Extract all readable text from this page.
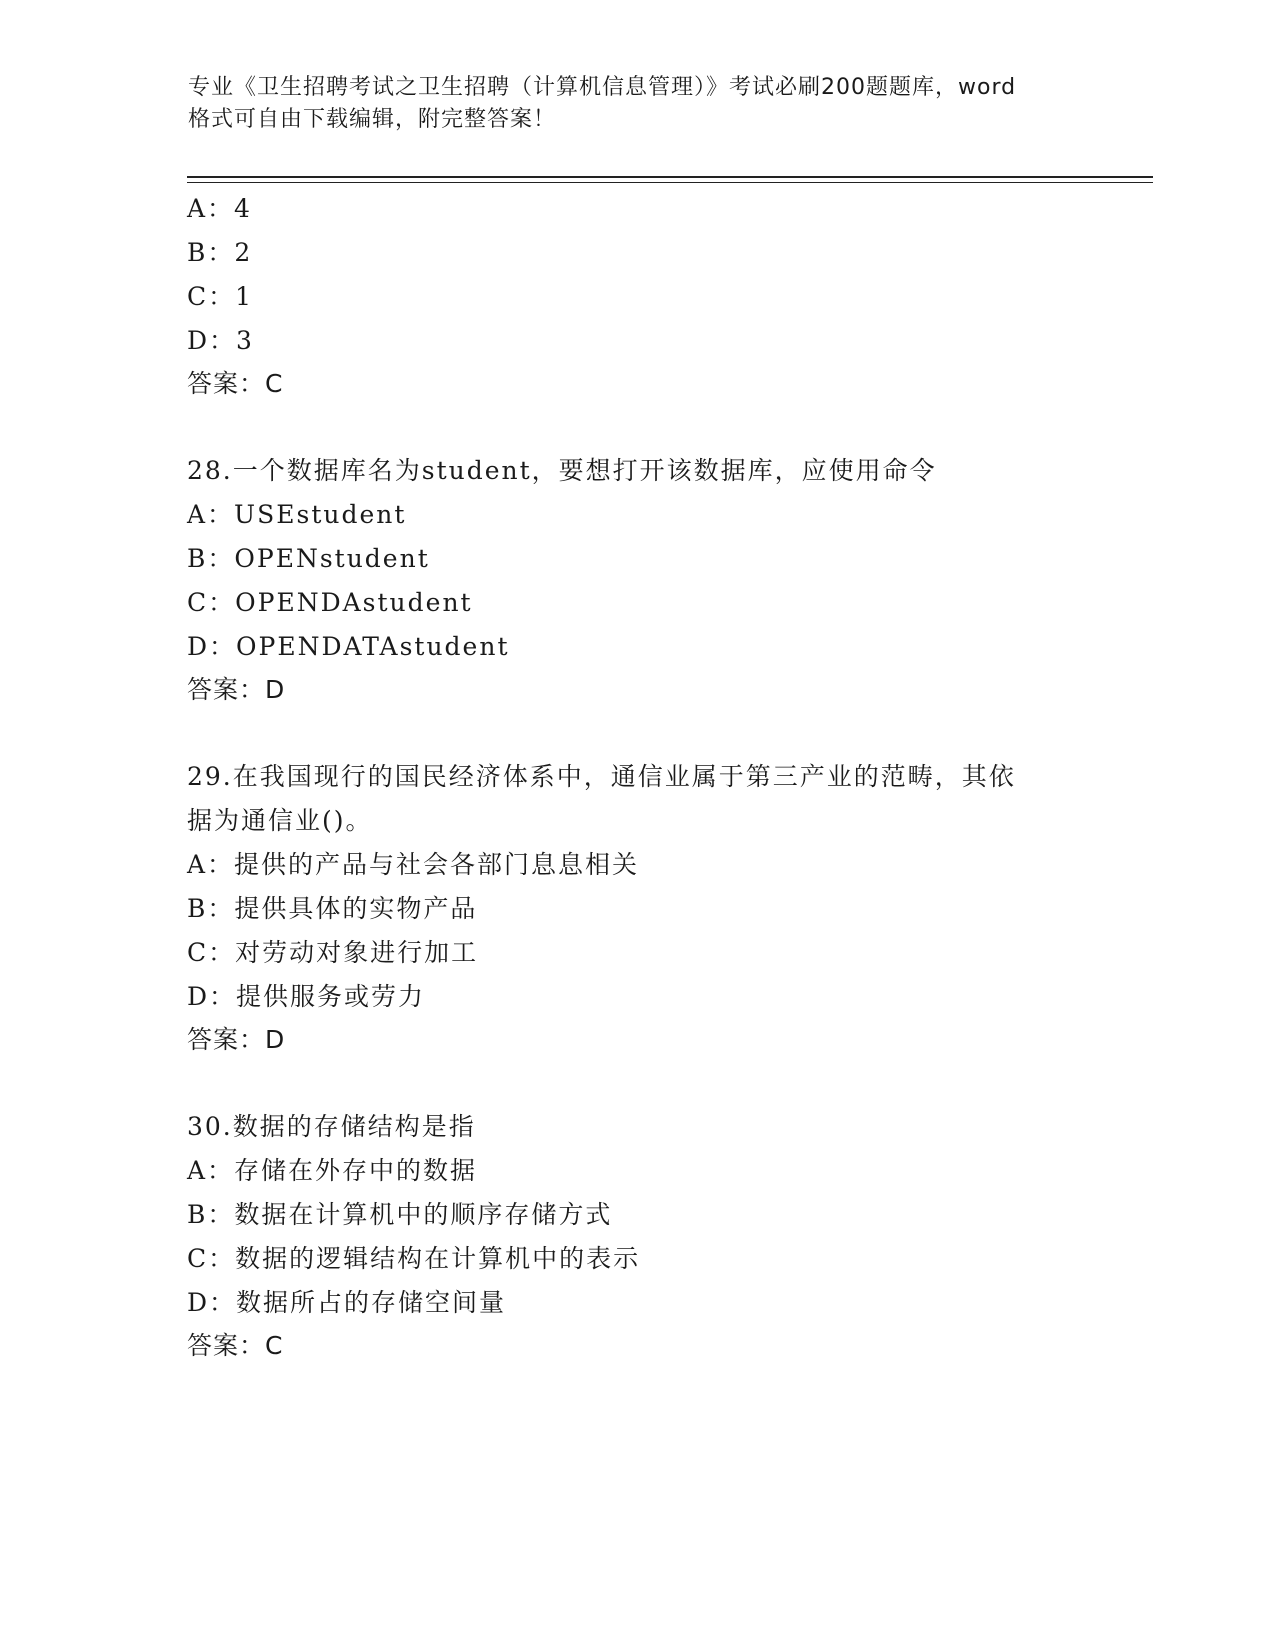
专业《卫生招聘考试之卫生招聘（计算机信息管理）》考试必刷200题题库，word
格式可自由下载编辑，附完整答案！
A：4
B：2
C：1
D：3
答案：C
28.一个数据库名为student，要想打开该数据库，应使用命令
A：USEstudent
B：OPENstudent
C：OPENDAstudent
D：OPENDATAstudent
答案：D
29.在我国现行的国民经济体系中，通信业属于第三产业的范畴，其依
据为通信业()。
A：提供的产品与社会各部门息息相关
B：提供具体的实物产品
C：对劳动对象进行加工
D：提供服务或劳力
答案：D
30.数据的存储结构是指
A：存储在外存中的数据
B：数据在计算机中的顺序存储方式
C：数据的逻辑结构在计算机中的表示
D：数据所占的存储空间量
答案：C
